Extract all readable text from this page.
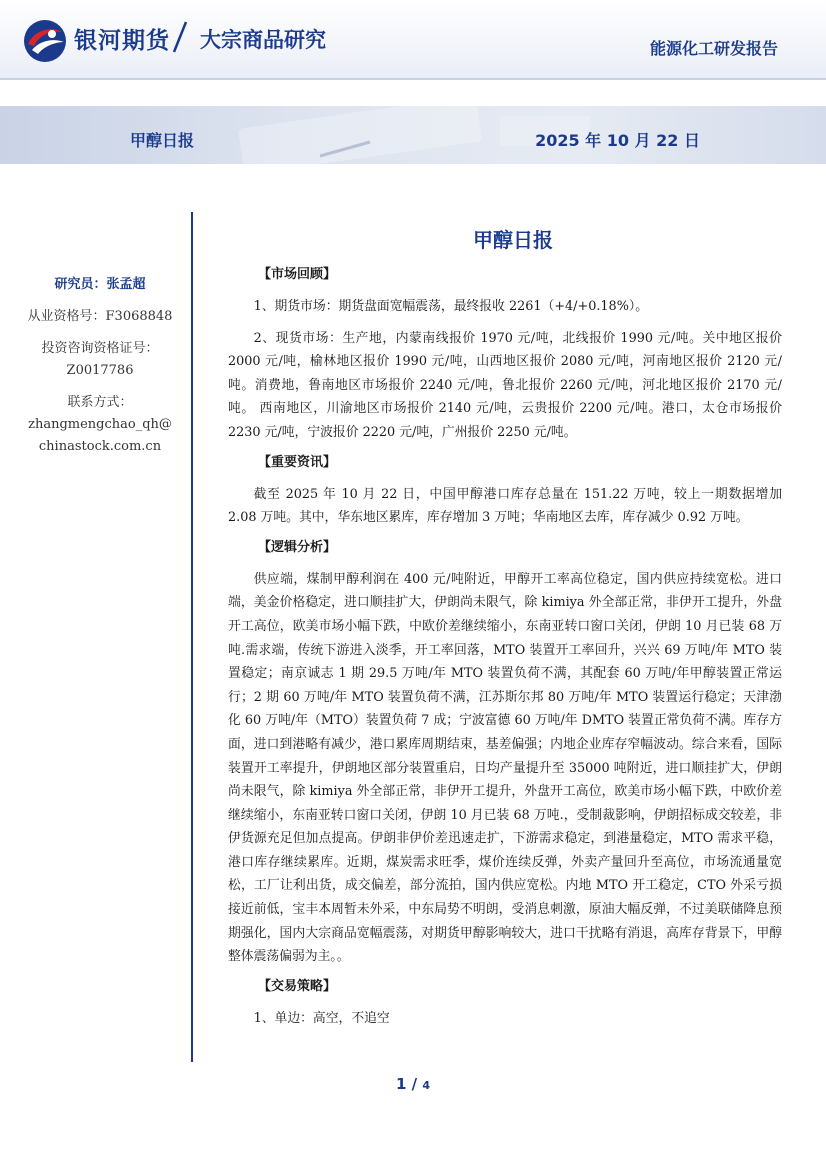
银河期货 大宗商品研究	能源化工研发报告
甲醇日报	2025 年 10 月 22 日
研究员：张孟超
从业资格号：F3068848
投资咨询资格证号：
Z0017786
联系方式：
zhangmengchao_qh@
chinastock.com.cn
甲醇日报
【市场回顾】

1、期货市场：期货盘面宽幅震荡，最终报收 2261（+4/+0.18%）。

2、现货市场：生产地，内蒙南线报价 1970 元/吨，北线报价 1990 元/吨。关中地区报价 2000 元/吨，榆林地区报价 1990 元/吨，山西地区报价 2080 元/吨，河南地区报价 2120 元/吨。消费地，鲁南地区市场报价 2240 元/吨，鲁北报价 2260 元/吨，河北地区报价 2170 元/吨。 西南地区，川渝地区市场报价 2140 元/吨，云贵报价 2200 元/吨。港口，太仓市场报价 2230 元/吨，宁波报价 2220 元/吨，广州报价 2250 元/吨。

【重要资讯】

截至 2025 年 10 月 22 日，中国甲醇港口库存总量在 151.22 万吨，较上一期数据增加 2.08 万吨。其中，华东地区累库，库存增加 3 万吨；华南地区去库，库存减少 0.92 万吨。

【逻辑分析】

供应端，煤制甲醇利润在 400 元/吨附近，甲醇开工率高位稳定，国内供应持续宽松。进口端，美金价格稳定，进口顺挂扩大，伊朗尚未限气，除 kimiya 外全部正常，非伊开工提升，外盘开工高位，欧美市场小幅下跌，中欧价差继续缩小，东南亚转口窗口关闭，伊朗 10 月已装 68 万吨.需求端，传统下游进入淡季，开工率回落，MTO 装置开工率回升，兴兴 69 万吨/年 MTO 装置稳定；南京诚志 1 期 29.5 万吨/年 MTO 装置负荷不满，其配套 60 万吨/年甲醇装置正常运行；2 期 60 万吨/年 MTO 装置负荷不满，江苏斯尔邦 80 万吨/年 MTO 装置运行稳定；天津渤化 60 万吨/年（MTO）装置负荷 7 成；宁波富德 60 万吨/年 DMTO 装置正常负荷不满。库存方面，进口到港略有减少，港口累库周期结束，基差偏强；内地企业库存窄幅波动。综合来看，国际装置开工率提升，伊朗地区部分装置重启，日均产量提升至 35000 吨附近，进口顺挂扩大，伊朗尚未限气，除 kimiya 外全部正常，非伊开工提升，外盘开工高位，欧美市场小幅下跌，中欧价差继续缩小，东南亚转口窗口关闭，伊朗 10 月已装 68 万吨.，受制裁影响，伊朗招标成交较差，非伊货源充足但加点提高。伊朗非伊价差迅速走扩，下游需求稳定，到港量稳定，MTO 需求平稳，港口库存继续累库。近期，煤炭需求旺季，煤价连续反弹，外卖产量回升至高位，市场流通量宽松，工厂让利出货，成交偏差，部分流拍，国内供应宽松。内地 MTO 开工稳定，CTO 外采亏损接近前低，宝丰本周暂未外采，中东局势不明朗，受消息刺激，原油大幅反弹，不过美联储降息预期强化，国内大宗商品宽幅震荡，对期货甲醇影响较大，进口干扰略有消退，高库存背景下，甲醇整体震荡偏弱为主。。

【交易策略】

1、单边：高空，不追空

1 / 4
